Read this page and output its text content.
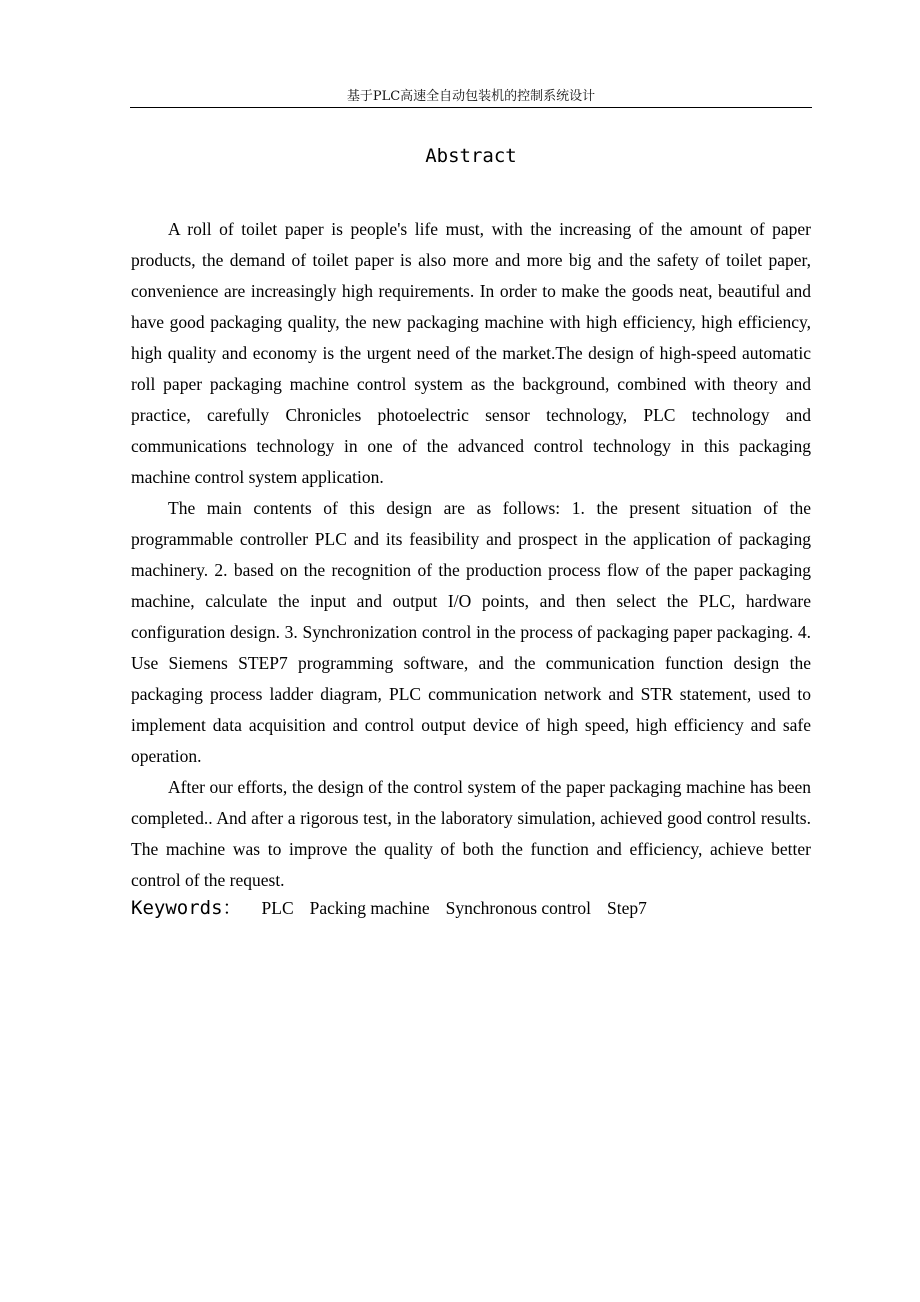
基于PLC高速全自动包装机的控制系统设计
Abstract

A roll of toilet paper is people's life must, with the increasing of the amount of paper products, the demand of toilet paper is also more and more big and the safety of toilet paper, convenience are increasingly high requirements. In order to make the goods neat, beautiful and have good packaging quality, the new packaging machine with high efficiency, high efficiency, high quality and economy is the urgent need of the market.The design of high-speed automatic roll paper packaging machine control system as the background, combined with theory and practice, carefully Chronicles photoelectric sensor technology, PLC technology and communications technology in one of the advanced control technology in this packaging machine control system application.

The main contents of this design are as follows: 1. the present situation of the programmable controller PLC and its feasibility and prospect in the application of packaging machinery. 2. based on the recognition of the production process flow of the paper packaging machine, calculate the input and output I/O points, and then select the PLC, hardware configuration design. 3. Synchronization control in the process of packaging paper packaging. 4. Use Siemens STEP7 programming software, and the communication function design the packaging process ladder diagram, PLC communication network and STR statement, used to implement data acquisition and control output device of high speed, high efficiency and safe operation.

After our efforts, the design of the control system of the paper packaging machine has been completed.. And after a rigorous test, in the laboratory simulation, achieved good control results. The machine was to improve the quality of both the function and efficiency, achieve better control of the request.

Keywords： PLC Packing machine Synchronous control Step7
